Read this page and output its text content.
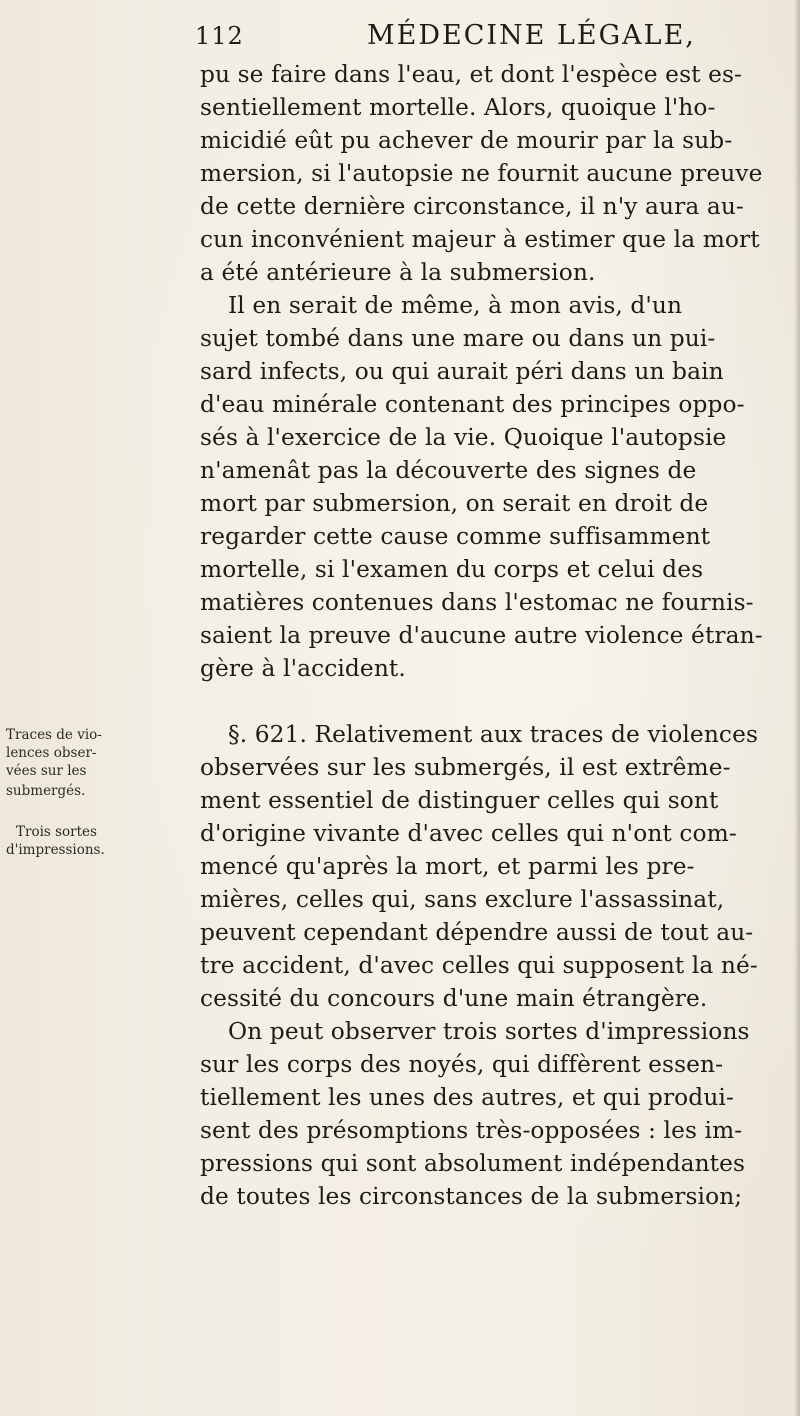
112	MÉDECINE LÉGALE,
pu se faire dans l'eau, et dont l'espèce est es-
sentiellement mortelle. Alors, quoique l'ho-
micidié eût pu achever de mourir par la sub-
mersion, si l'autopsie ne fournit aucune preuve
de cette dernière circonstance, il n'y aura au-
cun inconvénient majeur à estimer que la mort
a été antérieure à la submersion.
Il en serait de même, à mon avis, d'un
sujet tombé dans une mare ou dans un pui-
sard infects, ou qui aurait péri dans un bain
d'eau minérale contenant des principes oppo-
sés à l'exercice de la vie. Quoique l'autopsie
n'amenât pas la découverte des signes de
mort par submersion, on serait en droit de
regarder cette cause comme suffisamment
mortelle, si l'examen du corps et celui des
matières contenues dans l'estomac ne fournis-
saient la preuve d'aucune autre violence étran-
gère à l'accident.
§. 621. Relativement aux traces de violences
observées sur les submergés, il est extrême-
ment essentiel de distinguer celles qui sont
d'origine vivante d'avec celles qui n'ont com-
mencé qu'après la mort, et parmi les pre-
mières, celles qui, sans exclure l'assassinat,
peuvent cependant dépendre aussi de tout au-
tre accident, d'avec celles qui supposent la né-
cessité du concours d'une main étrangère.
On peut observer trois sortes d'impressions
sur les corps des noyés, qui diffèrent essen-
tiellement les unes des autres, et qui produi-
sent des présomptions très-opposées : les im-
pressions qui sont absolument indépendantes
de toutes les circonstances de la submersion;
Traces de vio-
lences obser-
vées sur les
submergés.
Trois sortes
d'impressions.
